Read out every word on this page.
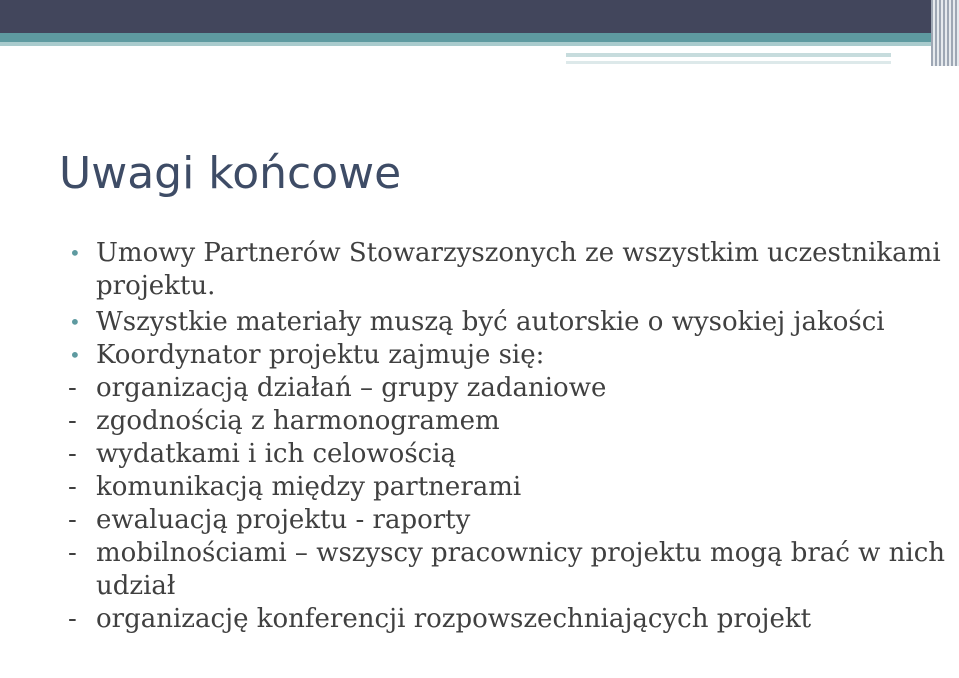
Uwagi końcowe
• Umowy Partnerów Stowarzyszonych ze wszystkim uczestnikami projektu.
• Wszystkie materiały muszą być autorskie o wysokiej jakości
• Koordynator projektu zajmuje się:
- organizacją działań – grupy zadaniowe
- zgodnością z harmonogramem
- wydatkami i ich celowością
- komunikacją między partnerami
- ewaluacją projektu - raporty
- mobilnościami – wszyscy pracownicy projektu mogą brać w nich udział
- organizację konferencji rozpowszechniających projekt
